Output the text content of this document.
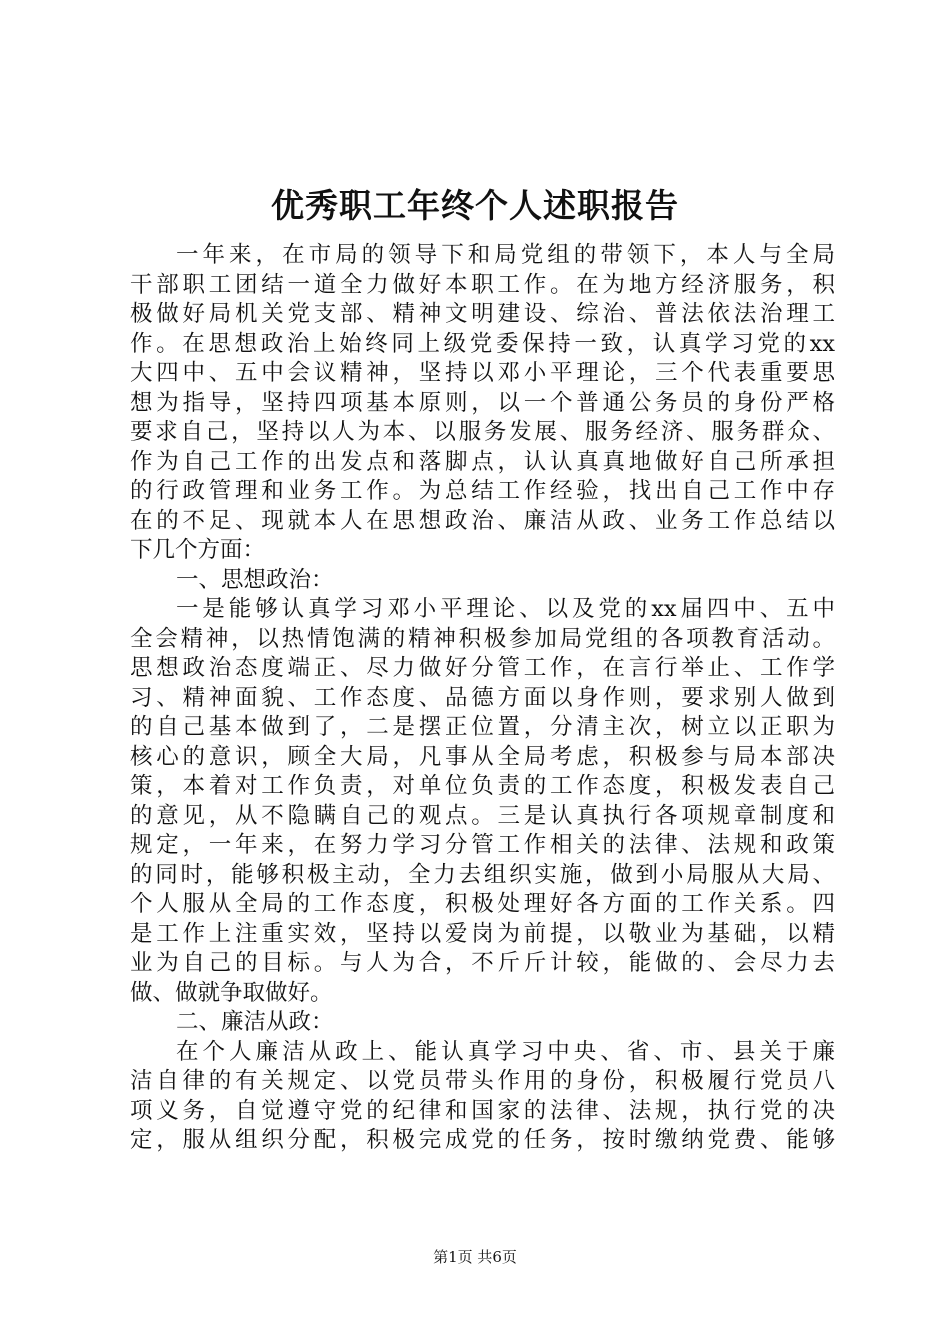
优秀职工年终个人述职报告
一年来，在市局的领导下和局党组的带领下，本人与全局
干部职工团结一道全力做好本职工作。在为地方经济服务，积
极做好局机关党支部、精神文明建设、综治、普法依法治理工
作。在思想政治上始终同上级党委保持一致，认真学习党的xx
大四中、五中会议精神，坚持以邓小平理论，三个代表重要思
想为指导，坚持四项基本原则，以一个普通公务员的身份严格
要求自己，坚持以人为本、以服务发展、服务经济、服务群众、
作为自己工作的出发点和落脚点，认认真真地做好自己所承担
的行政管理和业务工作。为总结工作经验，找出自己工作中存
在的不足、现就本人在思想政治、廉洁从政、业务工作总结以
下几个方面：
一、思想政治：
一是能够认真学习邓小平理论、以及党的xx届四中、五中
全会精神，以热情饱满的精神积极参加局党组的各项教育活动。
思想政治态度端正、尽力做好分管工作，在言行举止、工作学
习、精神面貌、工作态度、品德方面以身作则，要求别人做到
的自己基本做到了，二是摆正位置，分清主次，树立以正职为
核心的意识，顾全大局，凡事从全局考虑，积极参与局本部决
策，本着对工作负责，对单位负责的工作态度，积极发表自己
的意见，从不隐瞒自己的观点。三是认真执行各项规章制度和
规定，一年来，在努力学习分管工作相关的法律、法规和政策
的同时，能够积极主动，全力去组织实施，做到小局服从大局、
个人服从全局的工作态度，积极处理好各方面的工作关系。四
是工作上注重实效，坚持以爱岗为前提，以敬业为基础，以精
业为自己的目标。与人为合，不斤斤计较，能做的、会尽力去
做、做就争取做好。
二、廉洁从政：
在个人廉洁从政上、能认真学习中央、省、市、县关于廉
洁自律的有关规定、以党员带头作用的身份，积极履行党员八
项义务，自觉遵守党的纪律和国家的法律、法规，执行党的决
定，服从组织分配，积极完成党的任务，按时缴纳党费、能够
第1页 共6页
